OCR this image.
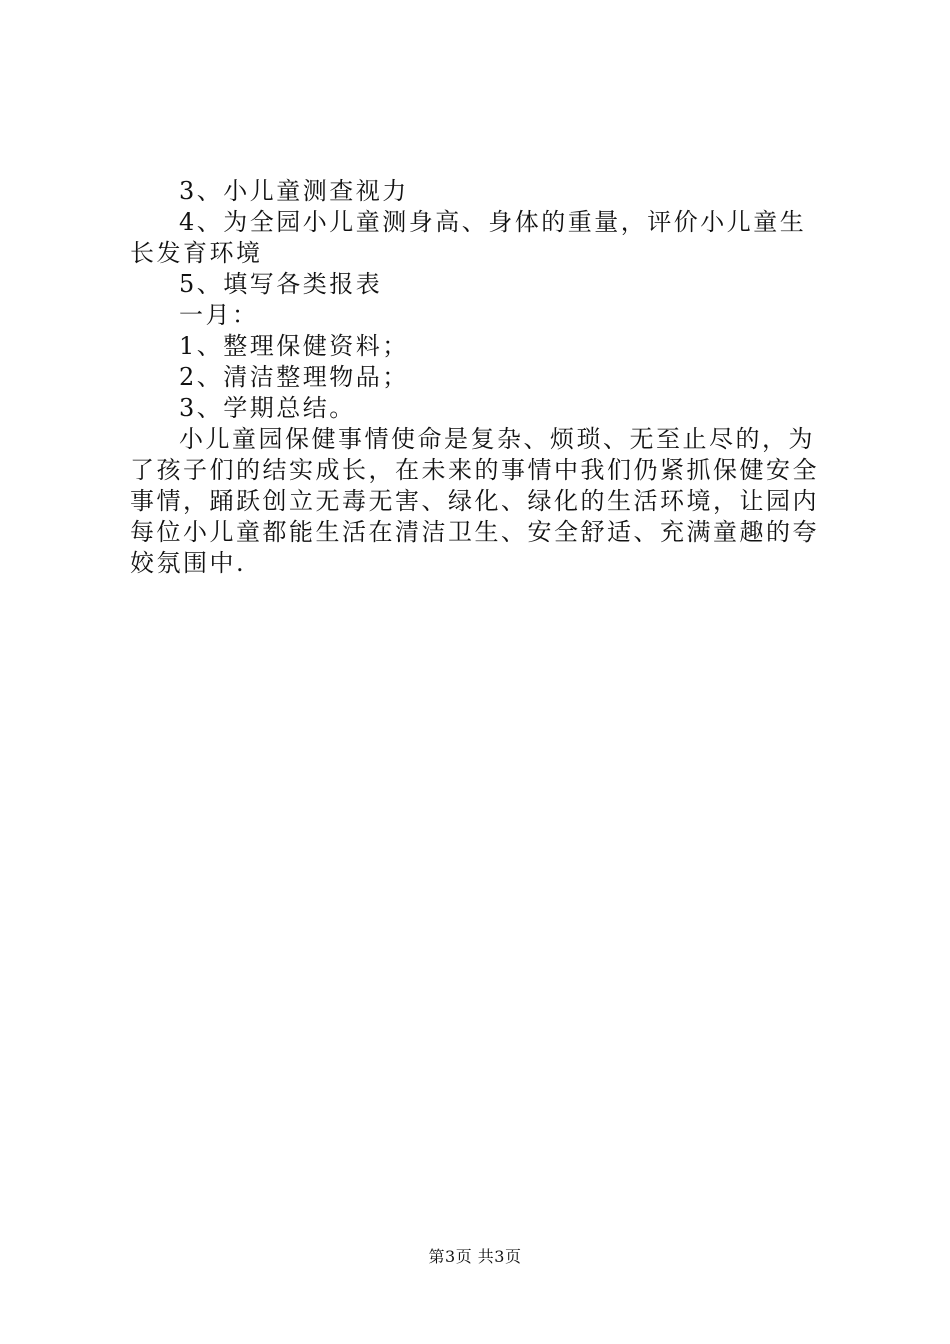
3、小儿童测查视力

4、为全园小儿童测身高、身体的重量，评价小儿童生长发育环境

5、填写各类报表

一月：

1、整理保健资料；

2、清洁整理物品；

3、学期总结。

小儿童园保健事情使命是复杂、烦琐、无至止尽的，为了孩子们的结实成长，在未来的事情中我们仍紧抓保健安全事情，踊跃创立无毒无害、绿化、绿化的生活环境，让园内每位小儿童都能生活在清洁卫生、安全舒适、充满童趣的夸姣氛围中.

第3页 共3页
